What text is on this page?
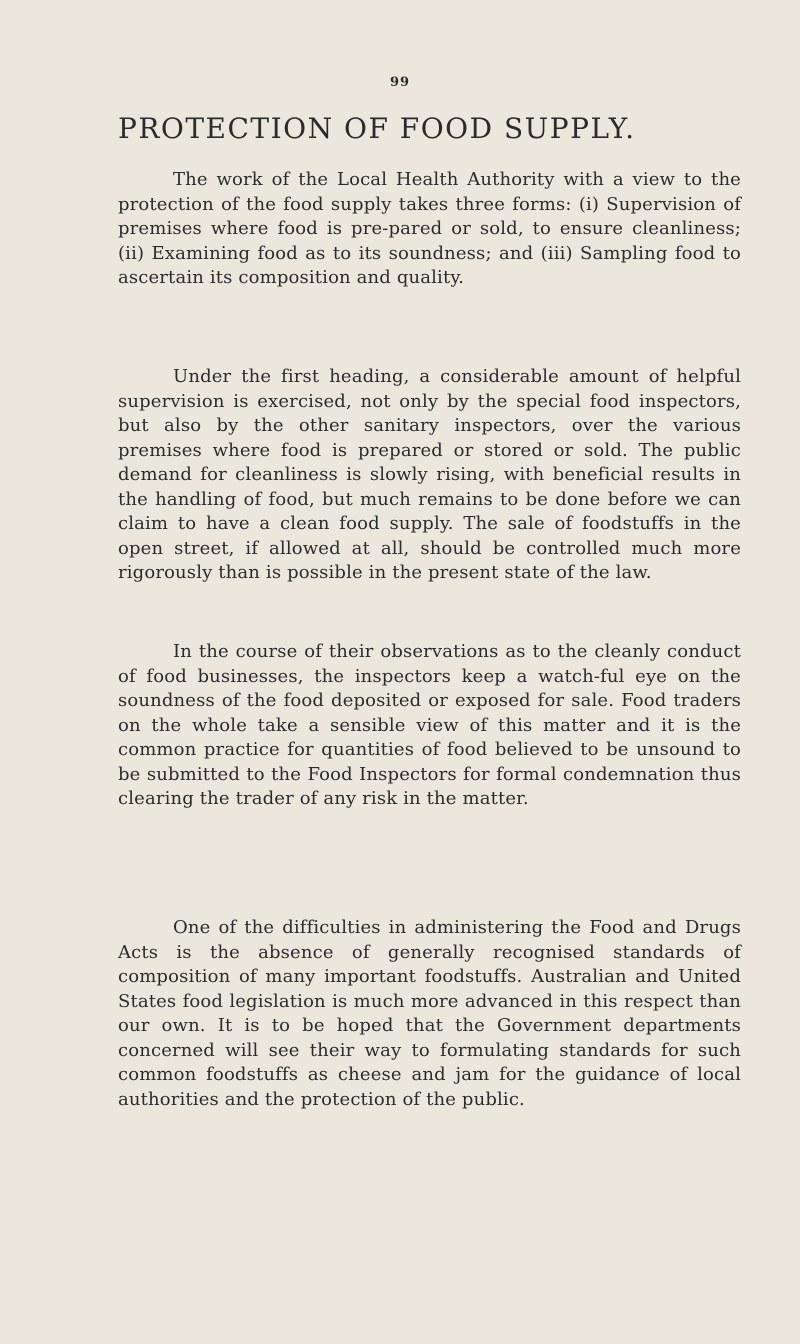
99
PROTECTION OF FOOD SUPPLY.

The work of the Local Health Authority with a view to the protection of the food supply takes three forms: (i) Supervision of premises where food is pre-pared or sold, to ensure cleanliness; (ii) Examining food as to its soundness; and (iii) Sampling food to ascertain its composition and quality.

Under the first heading, a considerable amount of helpful supervision is exercised, not only by the special food inspectors, but also by the other sanitary inspectors, over the various premises where food is prepared or stored or sold. The public demand for cleanliness is slowly rising, with beneficial results in the handling of food, but much remains to be done before we can claim to have a clean food supply. The sale of foodstuffs in the open street, if allowed at all, should be controlled much more rigorously than is possible in the present state of the law.

In the course of their observations as to the cleanly conduct of food businesses, the inspectors keep a watch-ful eye on the soundness of the food deposited or exposed for sale. Food traders on the whole take a sensible view of this matter and it is the common practice for quantities of food believed to be unsound to be submitted to the Food Inspectors for formal condemnation thus clearing the trader of any risk in the matter.

One of the difficulties in administering the Food and Drugs Acts is the absence of generally recognised standards of composition of many important foodstuffs. Australian and United States food legislation is much more advanced in this respect than our own. It is to be hoped that the Government departments concerned will see their way to formulating standards for such common foodstuffs as cheese and jam for the guidance of local authorities and the protection of the public.
